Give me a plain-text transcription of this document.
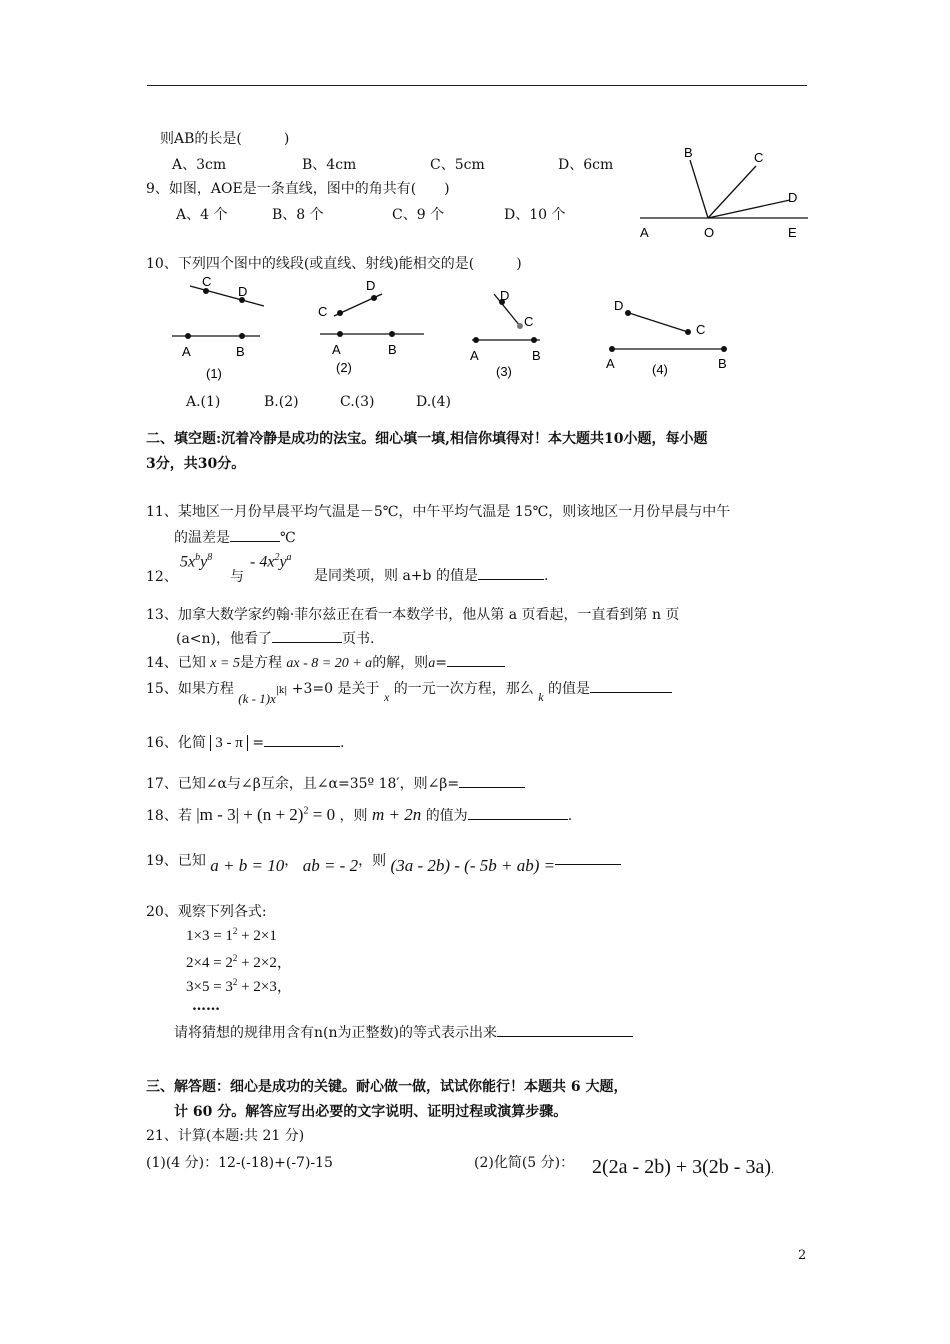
则AB的长是(　　　)
A、3cm	B、4cm	C、5cm	D、6cm
9、如图，AOE是一条直线，图中的角共有(　　)
A、4 个	B、8 个	C、9 个	D、10 个
A	O	E
B	C
D
10、下列四个图中的线段(或直线、射线)能相交的是(　　　)
C
D
A	B
(1)
D
C
A	B
(2)
D
C
A	B
(3)
D
C
A	B
(4)
A.(1)	B.(2)	C.(3)	D.(4)
二、填空题:沉着冷静是成功的法宝。细心填一填,相信你填得对！本大题共10小题，每小题
3分，共30分。
11、某地区一月份早晨平均气温是－5℃，中午平均气温是 15℃，则该地区一月份早晨与中午
的温差是	℃
12、
$5x^by^8$
与
- $4x^2y^a$
是同类项，则 a+b 的值是	.
13、加拿大数学家约翰·菲尔兹正在看一本数学书，他从第 a 页看起，一直看到第 n 页
(a<n)，他看了	页书.
14、已知 x = 5是方程 ax - 8 = 20 + a的解，则a=
15、如果方程 $(k - 1)x^{|k|} +3=0$ 是关于 x 的一元一次方程，那么 k 的值是
16、化简 3 - π =	.
17、已知∠α与∠β互余，且∠α=35º 18′，则∠β=
18、若 $|m - 3| + (n + 2)^2 = 0$ ，则 m + 2n 的值为	.
19、已知 a + b = 10， ab = - 2，则 (3a - 2b) - (- 5b + ab) =
20、观察下列各式:
$1\times 3 = 1^2 + 2\times 1$
$2\times 4 = 2^2 + 2\times 2$，
$3\times 5 = 3^2 + 2\times 3$，
……
请将猜想的规律用含有n(n为正整数)的等式表示出来
三、解答题：细心是成功的关键。耐心做一做，试试你能行！本题共 6 大题，
计 60 分。解答应写出必要的文字说明、证明过程或演算步骤。
21、计算(本题:共 21 分)
(1)(4 分)：12-(-18)+(-7)-15	(2)化简(5 分)： 2(2a - 2b) + 3(2b - 3a).
2
